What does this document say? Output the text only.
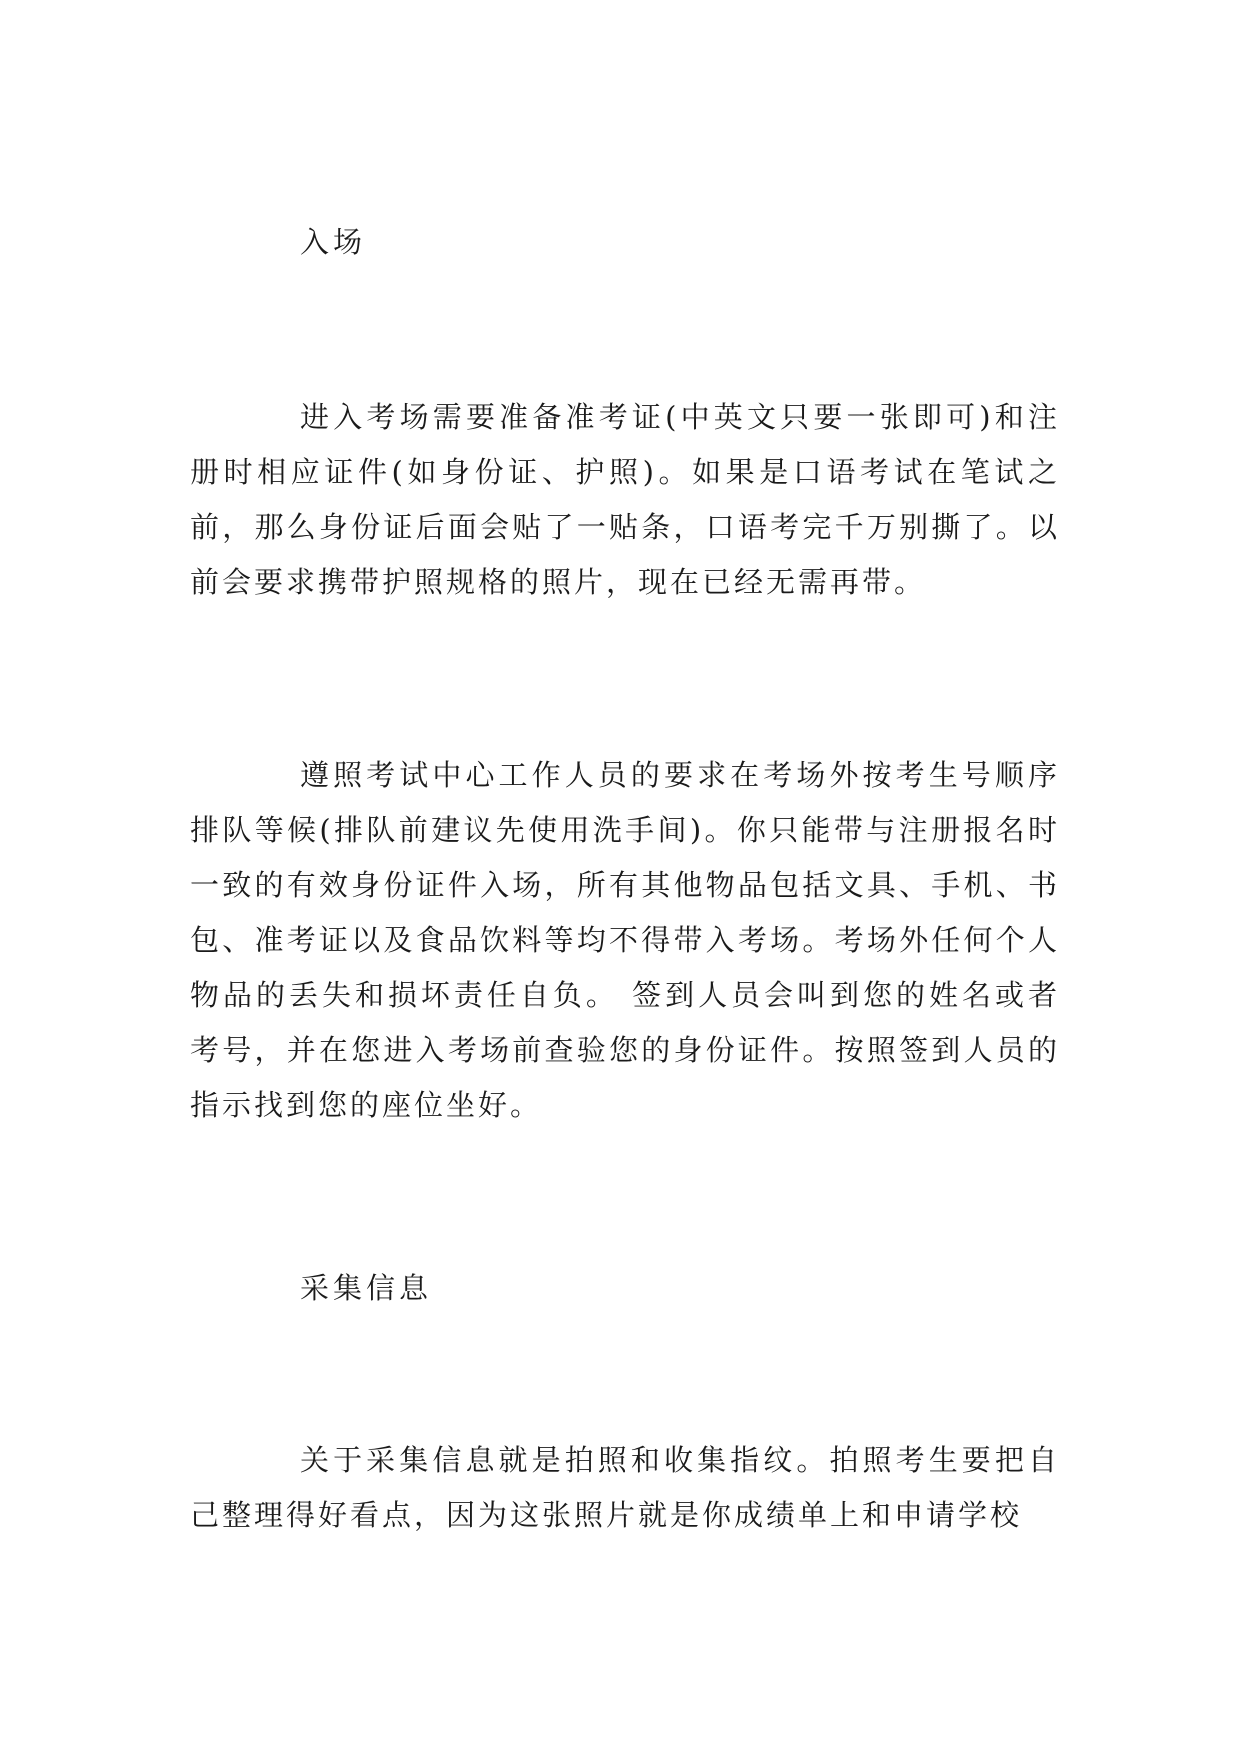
入场
进入考场需要准备准考证(中英文只要一张即可)和注册时相应证件(如身份证、护照)。如果是口语考试在笔试之前，那么身份证后面会贴了一贴条，口语考完千万别撕了。以前会要求携带护照规格的照片，现在已经无需再带。
遵照考试中心工作人员的要求在考场外按考生号顺序排队等候(排队前建议先使用洗手间)。你只能带与注册报名时一致的有效身份证件入场，所有其他物品包括文具、手机、书包、准考证以及食品饮料等均不得带入考场。考场外任何个人物品的丢失和损坏责任自负。 签到人员会叫到您的姓名或者考号，并在您进入考场前查验您的身份证件。按照签到人员的指示找到您的座位坐好。
采集信息
关于采集信息就是拍照和收集指纹。拍照考生要把自己整理得好看点，因为这张照片就是你成绩单上和申请学校
